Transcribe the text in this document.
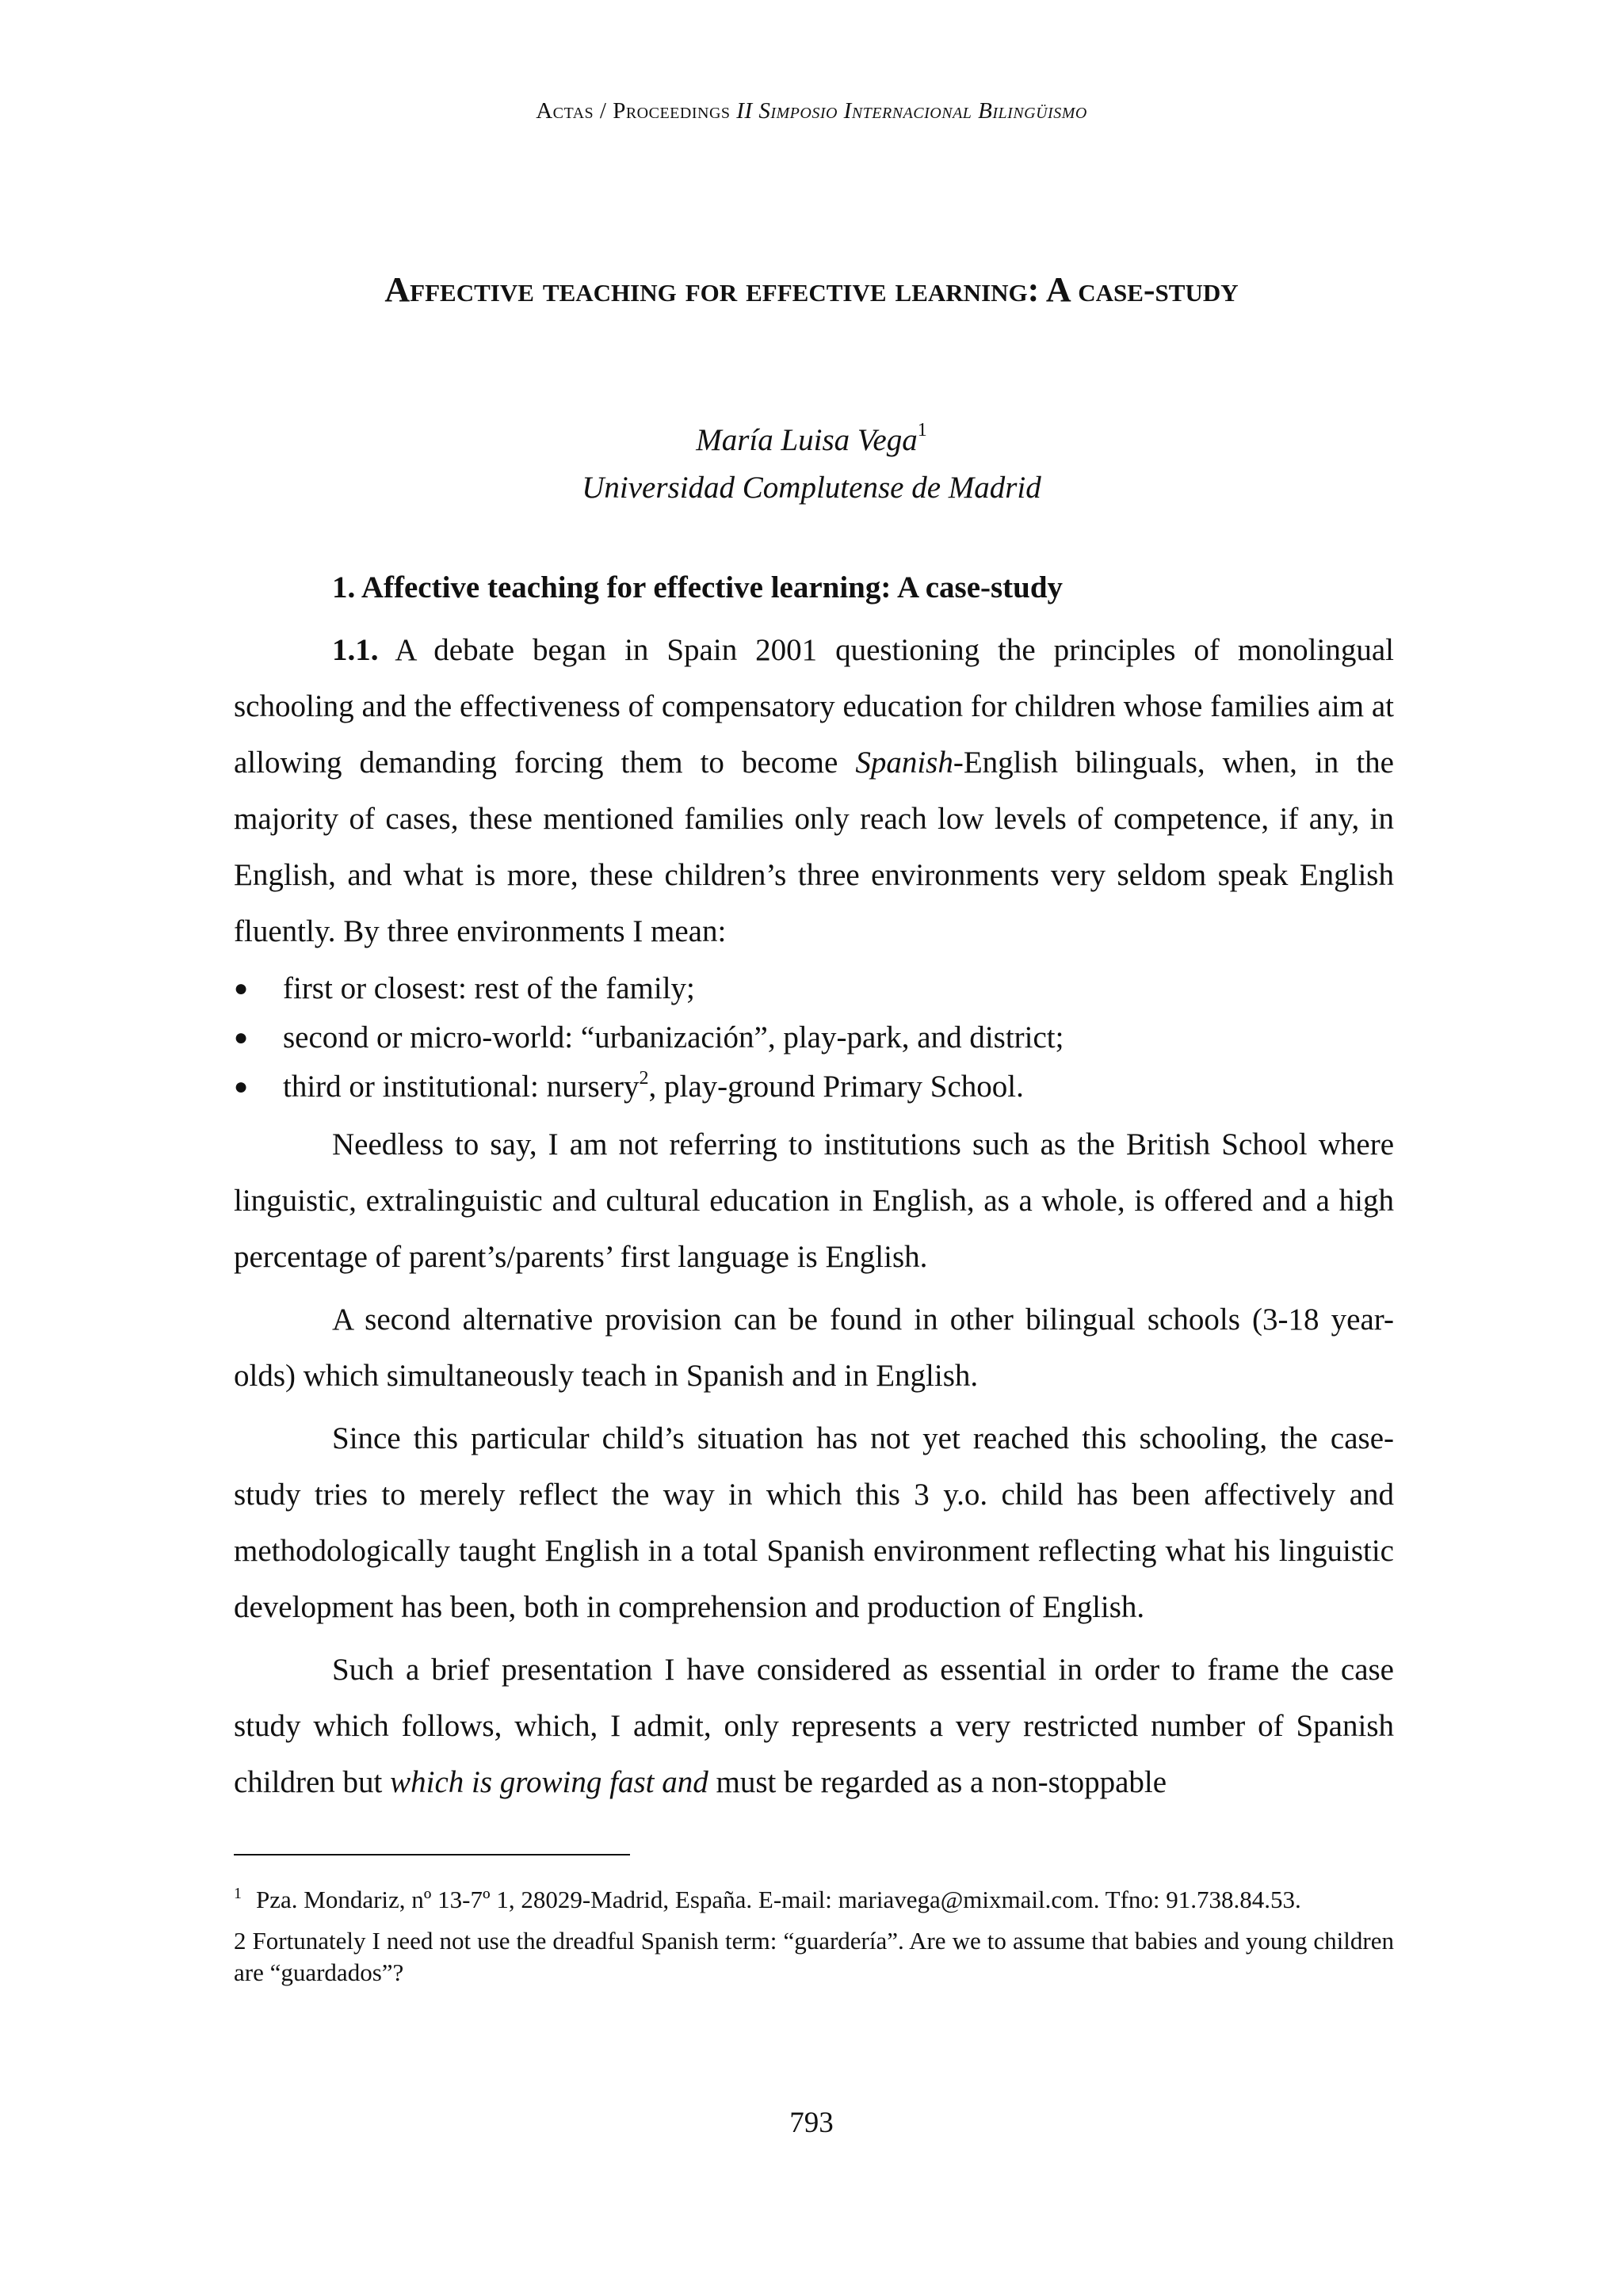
Actas / Proceedings II Simposio Internacional Bilingüismo
Affective teaching for effective learning: A case-study
María Luisa Vega$^1$
Universidad Complutense de Madrid
1. Affective teaching for effective learning: A case-study

1.1. A debate began in Spain 2001 questioning the principles of monolingual schooling and the effectiveness of compensatory education for children whose families aim at allowing demanding forcing them to become Spanish-English bilinguals, when, in the majority of cases, these mentioned families only reach low levels of competence, if any, in English, and what is more, these children’s three environments very seldom speak English fluently. By three environments I mean:

● first or closest: rest of the family;
● second or micro-world: “urbanización”, play-park, and district;
● third or institutional: nursery$^2$, play-ground Primary School.

Needless to say, I am not referring to institutions such as the British School where linguistic, extralinguistic and cultural education in English, as a whole, is offered and a high percentage of parent’s/parents’ first language is English.

A second alternative provision can be found in other bilingual schools (3-18 year-olds) which simultaneously teach in Spanish and in English.

Since this particular child’s situation has not yet reached this schooling, the case-study tries to merely reflect the way in which this 3 y.o. child has been affectively and methodologically taught English in a total Spanish environment reflecting what his linguistic development has been, both in comprehension and production of English.

Such a brief presentation I have considered as essential in order to frame the case study which follows, which, I admit, only represents a very restricted number of Spanish children but which is growing fast and must be regarded as a non-stoppable

$^1$ Pza. Mondariz, nº 13-7º 1, 28029-Madrid, España. E-mail: mariavega@mixmail.com. Tfno: 91.738.84.53.

2 Fortunately I need not use the dreadful Spanish term: “guardería”. Are we to assume that babies and young children are “guardados”?

793
